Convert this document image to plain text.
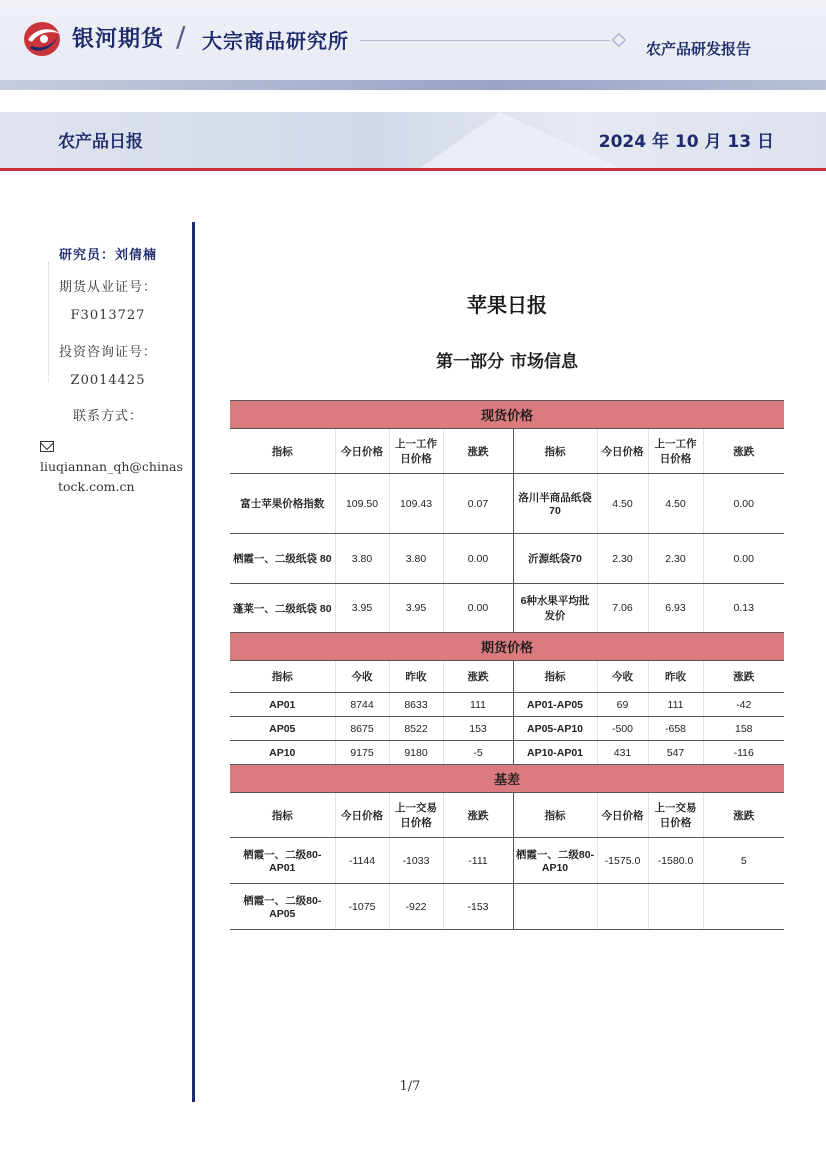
银河期货 / 大宗商品研究所	农产品研发报告
农产品日报	2024 年 10 月 13 日
研究员：刘倩楠
期货从业证号：
F3013727
投资咨询证号：
Z0014425
联系方式：
liuqiannan_qh@chinas
tock.com.cn
苹果日报
第一部分 市场信息
现货价格							
指标	今日价格	上一工作日价格	涨跌	指标	今日价格	上一工作日价格	涨跌
富士苹果价格指数	109.50	109.43	0.07	洛川半商品纸袋70	4.50	4.50	0.00
栖霞一、二级纸袋 80	3.80	3.80	0.00	沂源纸袋70	2.30	2.30	0.00
蓬莱一、二级纸袋 80	3.95	3.95	0.00	6种水果平均批发价	7.06	6.93	0.13
期货价格							
指标	今收	昨收	涨跌	指标	今收	昨收	涨跌
AP01	8744	8633	111	AP01-AP05	69	111	-42
AP05	8675	8522	153	AP05-AP10	-500	-658	158
AP10	9175	9180	-5	AP10-AP01	431	547	-116
基差							
指标	今日价格	上一交易日价格	涨跌	指标	今日价格	上一交易日价格	涨跌
栖霞一、二级80-AP01	-1144	-1033	-111	栖霞一、二级80-AP10	-1575.0	-1580.0	5
栖霞一、二级80-AP05	-1075	-922	-153				
1/7
